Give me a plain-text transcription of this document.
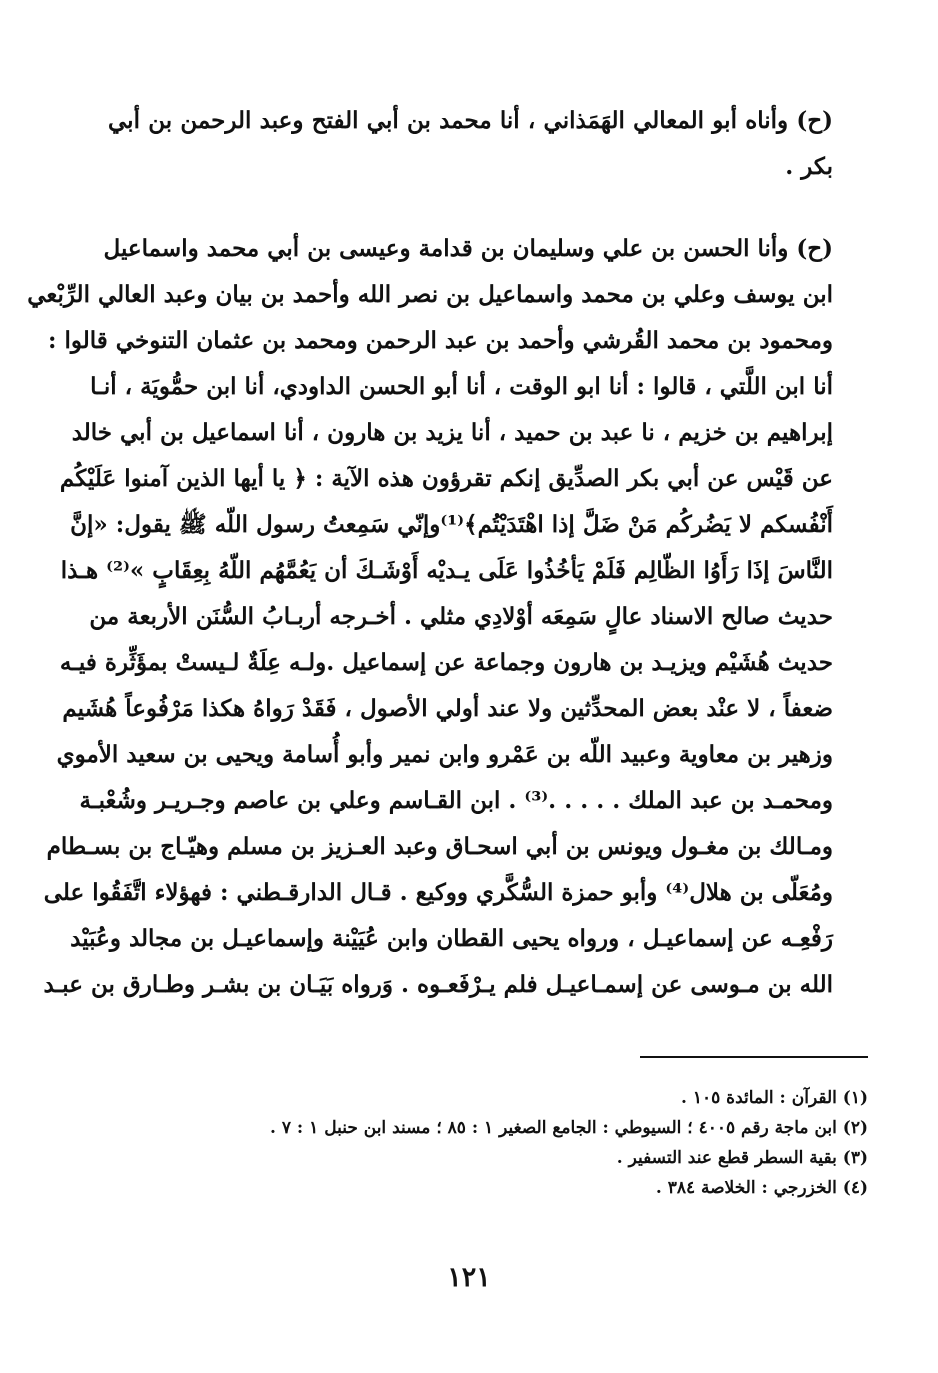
(ح) وأناه أبو المعالي الهَمَذاني ، أنا محمد بن أبي الفتح وعبد الرحمن بن أبي
بكر .
(ح) وأنا الحسن بن علي وسليمان بن قدامة وعيسى بن أبي محمد واسماعيل
ابن يوسف وعلي بن محمد واسماعيل بن نصر الله وأحمد بن بيان وعبد العالي الرِّبْعي
ومحمود بن محمد القُرشي وأحمد بن عبد الرحمن ومحمد بن عثمان التنوخي قالوا :
أنا ابن اللَّتي ، قالوا : أنا ابو الوقت ، أنا أبو الحسن الداودي، أنا ابن حمُّويَة ، أنـا
إبراهيم بن خزيم ، نا عبد بن حميد ، أنا يزيد بن هارون ، أنا اسماعيل بن أبي خالد
عن قَيْس عن أبي بكر الصدِّيق إنكم تقرؤون هذه الآية : ﴿ يا أيها الذين آمنوا عَلَيْكُم
أَنْفُسكم لا يَضُركُم مَنْ ضَلَّ إذا اهْتَدَيْتُم﴾⁽¹⁾وإنّي سَمِعتُ رسول اللّه ﷺ يقول: «إنَّ
النَّاسَ إذَا رَأَوُا الظّالِم فَلَمْ يَأخُذُوا عَلَى يـديْه أَوْشَـكَ أن يَعُمَّهُم اللّهُ بِعِقَابٍ »⁽²⁾ هـذا
حديث صالح الاسناد عالٍ سَمِعَه أوْلادِي مثلي . أخـرجه أربـابُ السُّنَن الأربعة من
حديث هُشَيْم ويزيـد بن هارون وجماعة عن إسماعيل .ولـه عِلَةٌ لـيستْ بمؤَثِّرة فيـه
ضعفاً ، لا عنْد بعض المحدِّثين ولا عند أولي الأصول ، فَقَدْ رَواهُ هكذا مَرْفُوعاً هُشَيم
وزهير بن معاوية وعبيد اللّه بن عَمْرو وابن نمير وأبو أُسامة ويحيى بن سعيد الأموي
ومحمـد بن عبد الملك . . . . .⁽³⁾ . ابن القـاسم وعلي بن عاصم وجـريـر وشُعْبـة
ومـالك بن مغـول ويونس بن أبي اسحـاق وعبد العـزيز بن مسلم وهيّـاج بن بسـطام
ومُعَلّى بن هلال⁽⁴⁾ وأبو حمزة السُّكَّري ووكيع . قـال الدارقـطني : فهؤلاء اتَّفَقُوا على
رَفْعِـه عن إسماعيـل ، ورواه يحيى القطان وابن عُيَيْنة وإسماعيـل بن مجالد وعُبَيْد
الله بن مـوسى عن إسمـاعيـل فلم يـرْفَعـوه . وَرواه بَيَـان بن بشـر وطـارق بن عبـد
(١) القرآن : المائدة ١٠٥ .
(٢) ابن ماجة رقم ٤٠٠٥ ؛ السيوطي : الجامع الصغير ١ : ٨٥ ؛ مسند ابن حنبل ١ : ٧ .
(٣) بقية السطر قطع عند التسفير .
(٤) الخزرجي : الخلاصة ٣٨٤ .
١٢١
